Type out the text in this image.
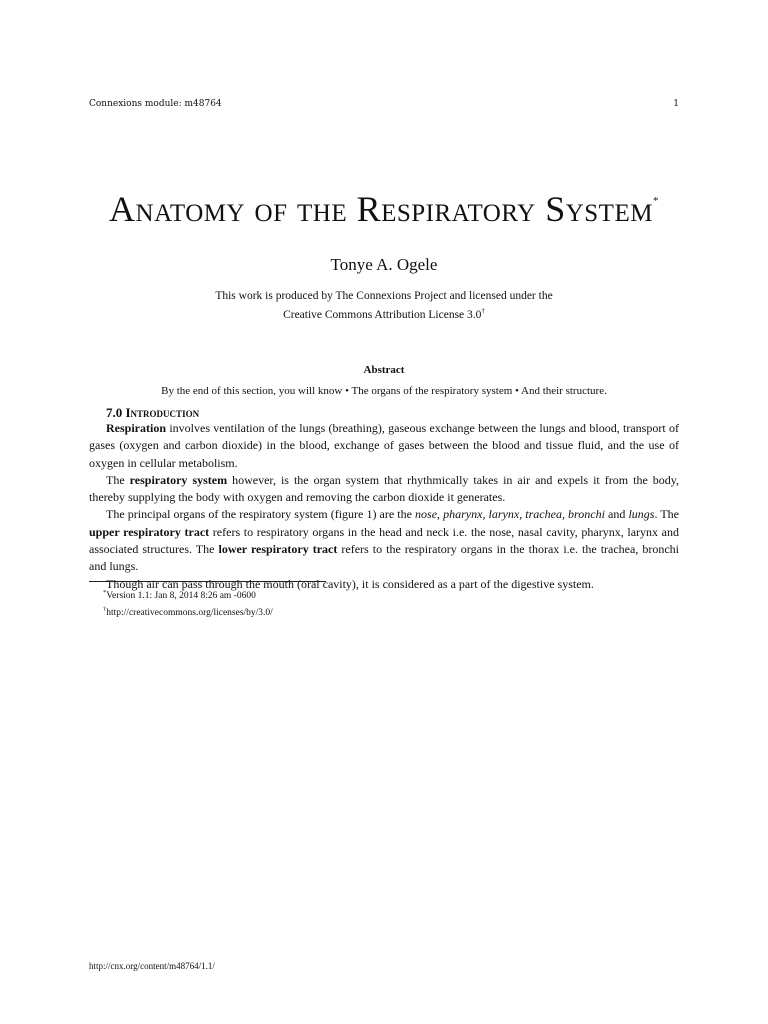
Connexions module: m48764	1
Anatomy of the Respiratory System*
Tonye A. Ogele
This work is produced by The Connexions Project and licensed under the
Creative Commons Attribution License 3.0†
Abstract
By the end of this section, you will know • The organs of the respiratory system • And their structure.
7.0 Introduction

Respiration involves ventilation of the lungs (breathing), gaseous exchange between the lungs and blood, transport of gases (oxygen and carbon dioxide) in the blood, exchange of gases between the blood and tissue fluid, and the use of oxygen in cellular metabolism.

The respiratory system however, is the organ system that rhythmically takes in air and expels it from the body, thereby supplying the body with oxygen and removing the carbon dioxide it generates.

The principal organs of the respiratory system (figure 1) are the nose, pharynx, larynx, trachea, bronchi and lungs. The upper respiratory tract refers to respiratory organs in the head and neck i.e. the nose, nasal cavity, pharynx, larynx and associated structures. The lower respiratory tract refers to the respiratory organs in the thorax i.e. the trachea, bronchi and lungs.

Though air can pass through the mouth (oral cavity), it is considered as a part of the digestive system.

*Version 1.1: Jan 8, 2014 8:26 am -0600
†http://creativecommons.org/licenses/by/3.0/
http://cnx.org/content/m48764/1.1/
